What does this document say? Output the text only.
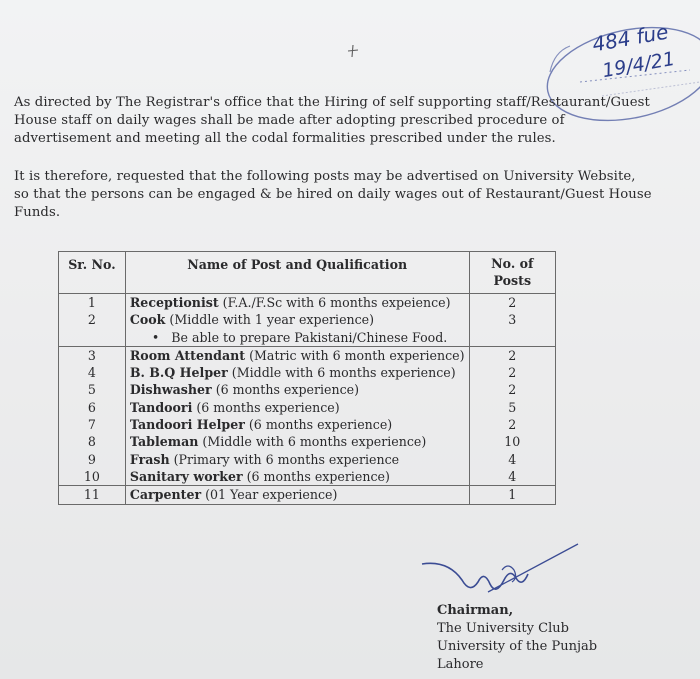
484 fue
19/4/21

As directed by The Registrar's office that the Hiring of self supporting staff/Restaurant/Guest House staff on daily wages shall be made after adopting prescribed procedure of advertisement and meeting all the codal formalities prescribed under the rules.

It is therefore, requested that the following posts may be advertised on University Website, so that the persons can be engaged & be hired on daily wages out of Restaurant/Guest House Funds.

Sr. No.	Name of Post and Qualification	No. of Posts
1	Receptionist (F.A./F.Sc with 6 months expeience)	2
2	Cook (Middle with 1 year experience)
• Be able to prepare Pakistani/Chinese Food.	3
3	Room Attendant (Matric with 6 month experience)	2
4	B. B.Q Helper (Middle with 6 months experience)	2
5	Dishwasher (6 months experience)	2
6	Tandoori (6 months experience)	5
7	Tandoori Helper (6 months experience)	2
8	Tableman (Middle with 6 months experience)	10
9	Frash (Primary with 6 months experience	4
10	Sanitary worker (6 months experience)	4
11	Carpenter (01 Year experience)	1
Chairman,
The University Club
University of the Punjab
Lahore
